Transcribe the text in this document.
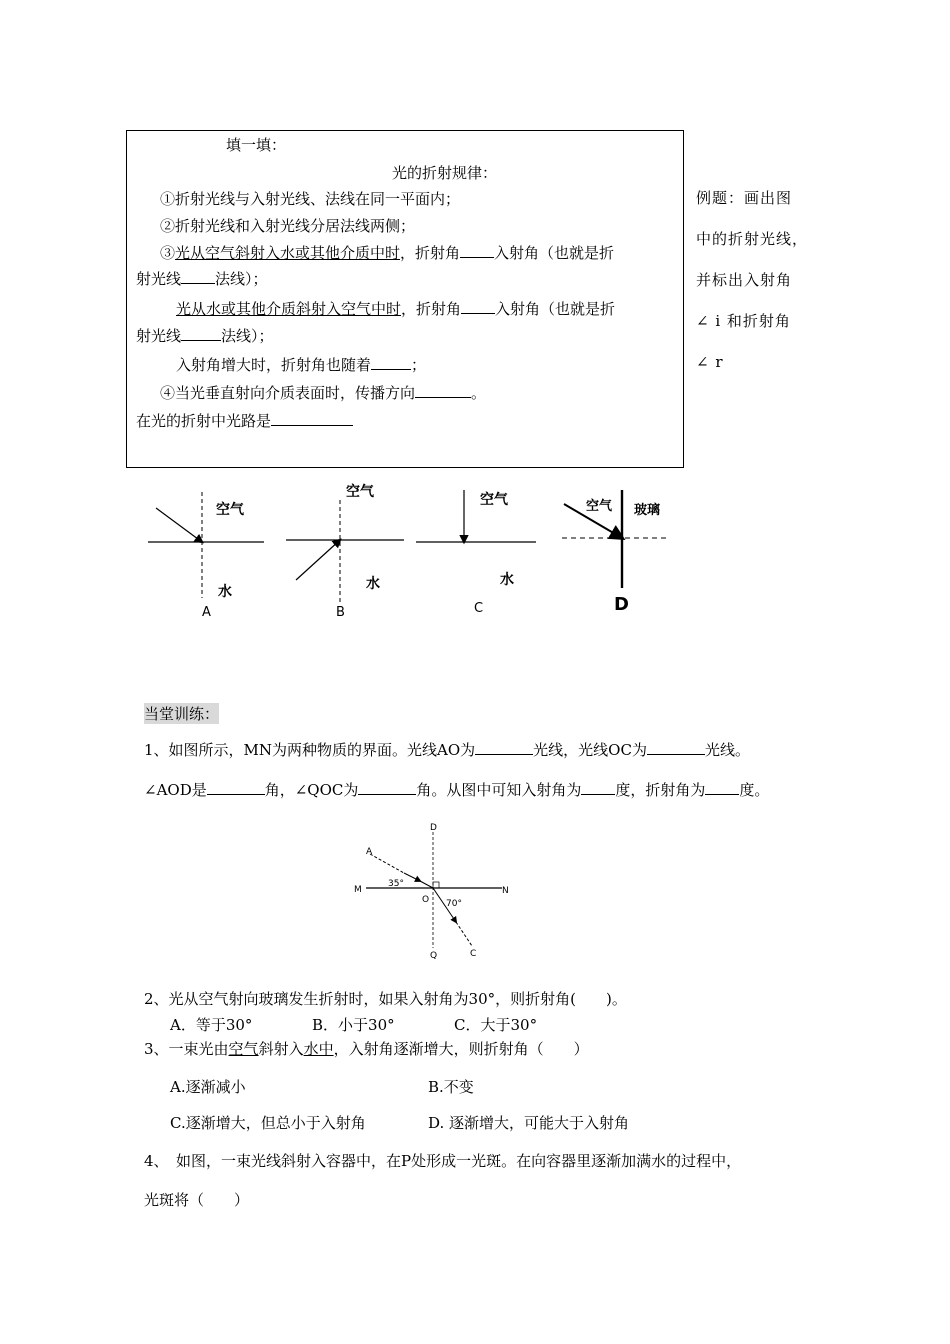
填一填：
光的折射规律：
①折射光线与入射光线、法线在同一平面内；
②折射光线和入射光线分居法线两侧；
③光从空气斜射入水或其他介质中时，折射角 入射角（也就是折
射光线 法线）；
光从水或其他介质斜射入空气中时，折射角 入射角（也就是折
射光线	法线）；
入射角增大时，折射角也随着	；
④当光垂直射向介质表面时，传播方向	。
在光的折射中光路是
例题：画出图
中的折射光线，
并标出入射角
∠ i 和折射角
∠ r
空气
水
A
空气
水
B
空气
水
C
空气 玻璃
D
当堂训练：
1、如图所示，MN为两种物质的界面。光线AO为	光线，光线OC为	光线。
∠AOD是	角，∠QOC为	角。从图中可知入射角为 度，折射角为 度。
D
A
M
O
N
Q	C
35°
70°
2、光从空气射向玻璃发生折射时，如果入射角为30°，则折射角(　　)。
A．等于30°	B．小于30°	C．大于30°
3、一束光由空气斜射入水中，入射角逐渐增大，则折射角（　　）
A.逐渐减小	B.不变
C.逐渐增大，但总小于入射角	D. 逐渐增大，可能大于入射角
4、　如图，一束光线斜射入容器中，在P处形成一光斑。在向容器里逐渐加满水的过程中，
光斑将（　　）
